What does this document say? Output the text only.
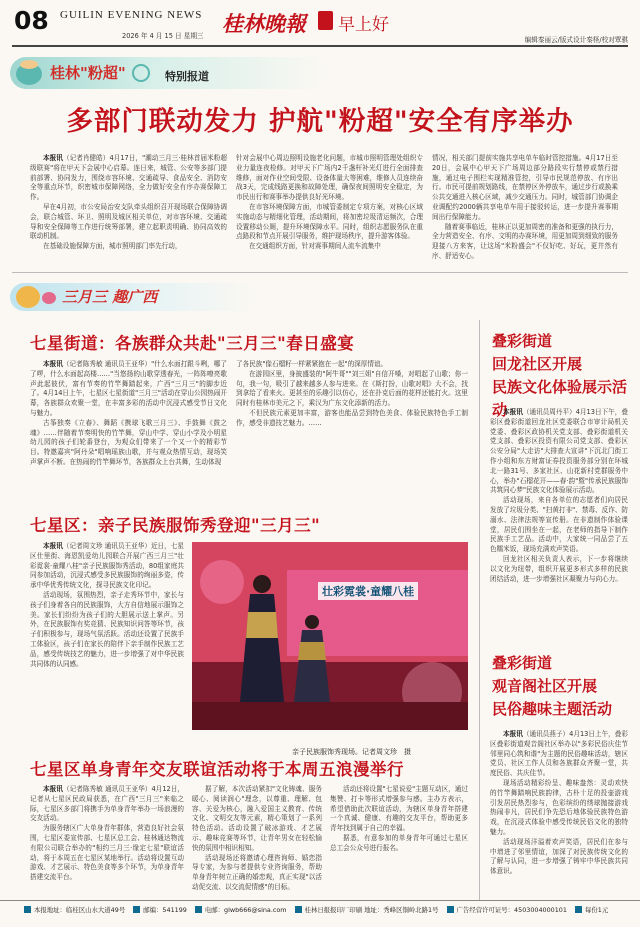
08 GUILIN EVENING NEWS
2026 年 4 月 15 日 星期三 桂林晚報 早上好
编辑秦丽云/版式设计秦柽/校对覃骐
桂林"粉超"	特别报道
多部门联动发力 护航"粉超"安全有序举办

本报讯（记者肖健皓）4月17日，"潮动三月三·桂林首届米粉超级联赛"将在甲天下会展中心启幕。连日来，城管、公安等多部门提前部署、协同发力，围绕市容环境、交通疏导、食品安全、消防安全等重点环节，织密城市保障网络，全力做好安全有序办赛保障工作。

早在4月初，市公安局治安支队牵头组织召开现场联合保障协调会，联合城管、环卫、照明及城区相关单位，对市容环境、交通疏导和安全保障等工作进行统筹部署，建立起职责明确、协同高效的联动机制。

在基础设施保障方面，城市照明部门率先行动，

针对会展中心周边照明设施老化问题，市城市照明管理处组织专业力量连夜检修。对甲天下广场内2千盏杆补光灯进行全面排查维修，面对作业空间受限、设备体量大等困难，维修人员连续奋战3天，完成线路更换和故障处理，确保夜间照明安全稳定，为市民出行和赛事举办提供良好光环境。

在市容环境保障方面，市城管委制定专项方案，对核心区域实施动态与精细化管理，活动期间，将加密垃圾清运频次，合理设置移动公厕，提升环境保障水平。同时，组织志愿服务队在重点路段和节点开展引导服务，维护现场秩序，提升游客体验。

在交通组织方面，针对赛事期间人流车流集中

情况，相关部门提前实施共享电单车临时管控措施。4月17日至20日，会展中心甲天下广场周边部分路段实行禁停或禁行措施，通过电子围栏实现精准管控，引导市民规范停放、有序出行。市民可提前规划路线，在禁停区外停放车，通过步行或换乘公共交通进入核心区域，减少交通压力。同时，城管部门协调企业调配约2000辆共享电单车用于接驳转运，进一步提升赛事期间出行保障能力。

随着赛事临近，桂林正以更加周密的准备和更强的执行力，全力营造安全、有序、文明的办赛环境，用更加周到细致的服务迎接八方来客，让这场"米粉盛会"不仅好吃、好玩，更井然有序、舒适安心。

三月三 趣广西
七星街道：各族群众共赴"三月三"春日盛宴

本报讯（记者陈秀敏 通讯员王亚华）"什么水面打跟斗咧，哪了了啰，什么水面起高楼……"当悠扬的山歌穿透春光，一阵阵嘹亮歌声此起彼伏，富有节奏的竹竿舞踏起来，广西"三月三"的脚步近了。4月14日上午，七星区七星街道"三月三"活动在穿山公园热闹开幕，各族群众欢聚一堂，在丰富多彩的活动中沉浸式感受节日文化与魅力。

古筝独奏《立春》、舞蹈《携球飞歌三月三》、手鼓舞《鼓之魂》……伴随着节奏明快的竹竿舞，穿山中学、穿山小学及小明星幼儿园的孩子们轮番登台，为观众们带来了一个又一个的精彩节目。特邀嘉宾"阿丹朵"唱响瑶族山歌，并与观众热情互动，现场笑声掌声不断。在热闹的竹竿舞环节，各族群众上台共舞，生动体现

了各民族"像石榴籽一样紧紧抱在一起"的深厚情谊。

在游园区里，身披盛装的"阿牛哥""刘三姐"自信开嗓，对唱起了山歌；你一句，我一句，吸引了越来越多人参与进来。在《斯打扮，山歌对唱》大不会，找到拿给了看来火。更甚至的乐趣引以仿心，还在扑克后面的花样还能打火。这里同时有桂林市美元之下，乘汉为广东文化添新的活力。

不但民族元素更加丰富，游客也能品尝到特色美食、体验民族特色手工制作，感受非遗技艺魅力。……

七星区：亲子民族服饰秀登迎"三月三"

本报讯（记者周文珍 通讯员王亚华）近日，七星区仕里街、海恩凯爱幼儿园联合开展广西三月三"壮彩霓裳·童耀八桂"亲子民族服饰秀活动，80组家庭共同参加活动，沉浸式感受多民族服饰的绚丽多姿，传承中华优秀传统文化，探寻民族文化印记。

活动现场，氛围热烈，亲子走秀环节中，家长与孩子们身着各自的民族服饰，大方自信地展示服饰之美。家长们纷纷为孩子们的大胆展示送上掌声。另外，在民族服饰有奖竞猜、民族知识问答等环节，孩子们积极参与，现场气氛活跃。活动还设置了民族手工体验区，孩子们在家长的陪伴下亲手制作民族工艺品，感受传统技艺的魅力，进一步增强了对中华民族共同体的认同感。

壮彩霓裳·童耀八桂
亲子民族服饰秀现场。记者周文珍　摄
七星区单身青年交友联谊活动将于本周五浪漫举行

本报讯（记者陈秀敏 通讯员王亚华）4月12日，记者从七星区民政局获悉，在广西"三月三"来临之际，七星区多部门将携手为单身青年举办一场浪漫的交友活动。

为服务辖区广大单身青年群体，营造良好社会氛围，七星区委宣传部、七星区总工会、桂林通达物流有限公司联合举办的"相约三月三·缘定七星"联谊活动，将于本周五在七星区某地举行。活动将设置互动游戏、才艺展示、特色美食等多个环节，为单身青年搭建交流平台。

据了解，本次活动紧扣"文化铸魂、服务暖心、阅读润心"理念，以尊重、理解、包容、关爱为核心，融入爱国主义教育、传统文化、文明交友等元素，精心策划了一系列特色活动。活动设置了破冰游戏、才艺展示、趣味竞赛等环节，让青年男女在轻松愉快的氛围中相识相知。

活动现场还将邀请心理咨询师、婚恋指导专家，为参与者提供专业咨询服务，帮助单身青年树立正确的婚恋观，真正实现"以活动促交流、以交流促情感"的目标。

活动还将设置"七星说爱"主题互动区，通过集赞、打卡等形式增强参与感。主办方表示，希望借助此次联谊活动，为辖区单身青年搭建一个真诚、健康、有趣的交友平台，帮助更多青年找到属于自己的幸福。

据悉，有意参加的单身青年可通过七星区总工会公众号进行报名。

叠彩街道
回龙社区开展
民族文化体验展示活动

本报讯（通讯员周丹平）4月13日下午，叠彩区叠彩街道回龙社区党委联合市审计局机关党委、叠彩区政协机关党支部、叠彩街道机关党支部、叠彩区投资有限公司党支部、叠彩区公安分局"大走访"大排查大宣讲"下沉北门街工作小组和东方财富证券投资服务部分别在环城北一路31号、多家社区、山花新村党群服务中心，举办"石榴花开——春·韵"暨"传承民族服饰 共筑同心梦"民族文化体验展示活动。

活动现场，来自各单位的志愿者们向居民发放了垃圾分类、"扫黄打非"、禁毒、反诈、防溺水、法律法规等宣传册。在非遗制作体验课堂，居民们围坐在一起，在老师的指导下制作民族手工艺品。活动中，大家统一同品尝了五色糯米饭，现场充满欢声笑语。

回龙社区相关负责人表示，下一步将继续以文化为纽带，组织开展更多形式多样的民族团结活动，进一步增强社区凝聚力与向心力。

叠彩街道
观音阁社区开展
民俗趣味主题活动

本报讯（通讯员燕子）4月13日上午，叠彩区叠彩街道观音阁社区举办以"多彩民俗庆佳节 邻里同心筑和谐"为主题的民俗趣味活动，辖区党员、社区工作人员和各族群众齐聚一堂，共度民俗、共庆佳节。

现场活动精彩纷呈、趣味盎然：灵动欢快的竹竿舞踏响民族韵律，古朴十足的投壶游戏引发居民热烈参与，色彩缤纷的绣球抛接游戏热闹非凡，居民们争先恐后地体验民族特色游戏，在沉浸式体验中感受传统民俗文化的独特魅力。

活动现场洋溢着欢声笑语，居民们在参与中增进了邻里情谊，加深了对民族传统文化的了解与认同，进一步增强了铸牢中华民族共同体意识。

本报地址：临桂区山水大道49号	邮编：541199	电邮：glwb666@sina.com	桂林日报报印厂印刷 地址：秀峰区铜岭北路1号	广告经营许可证号：4503004000101	每份1元
